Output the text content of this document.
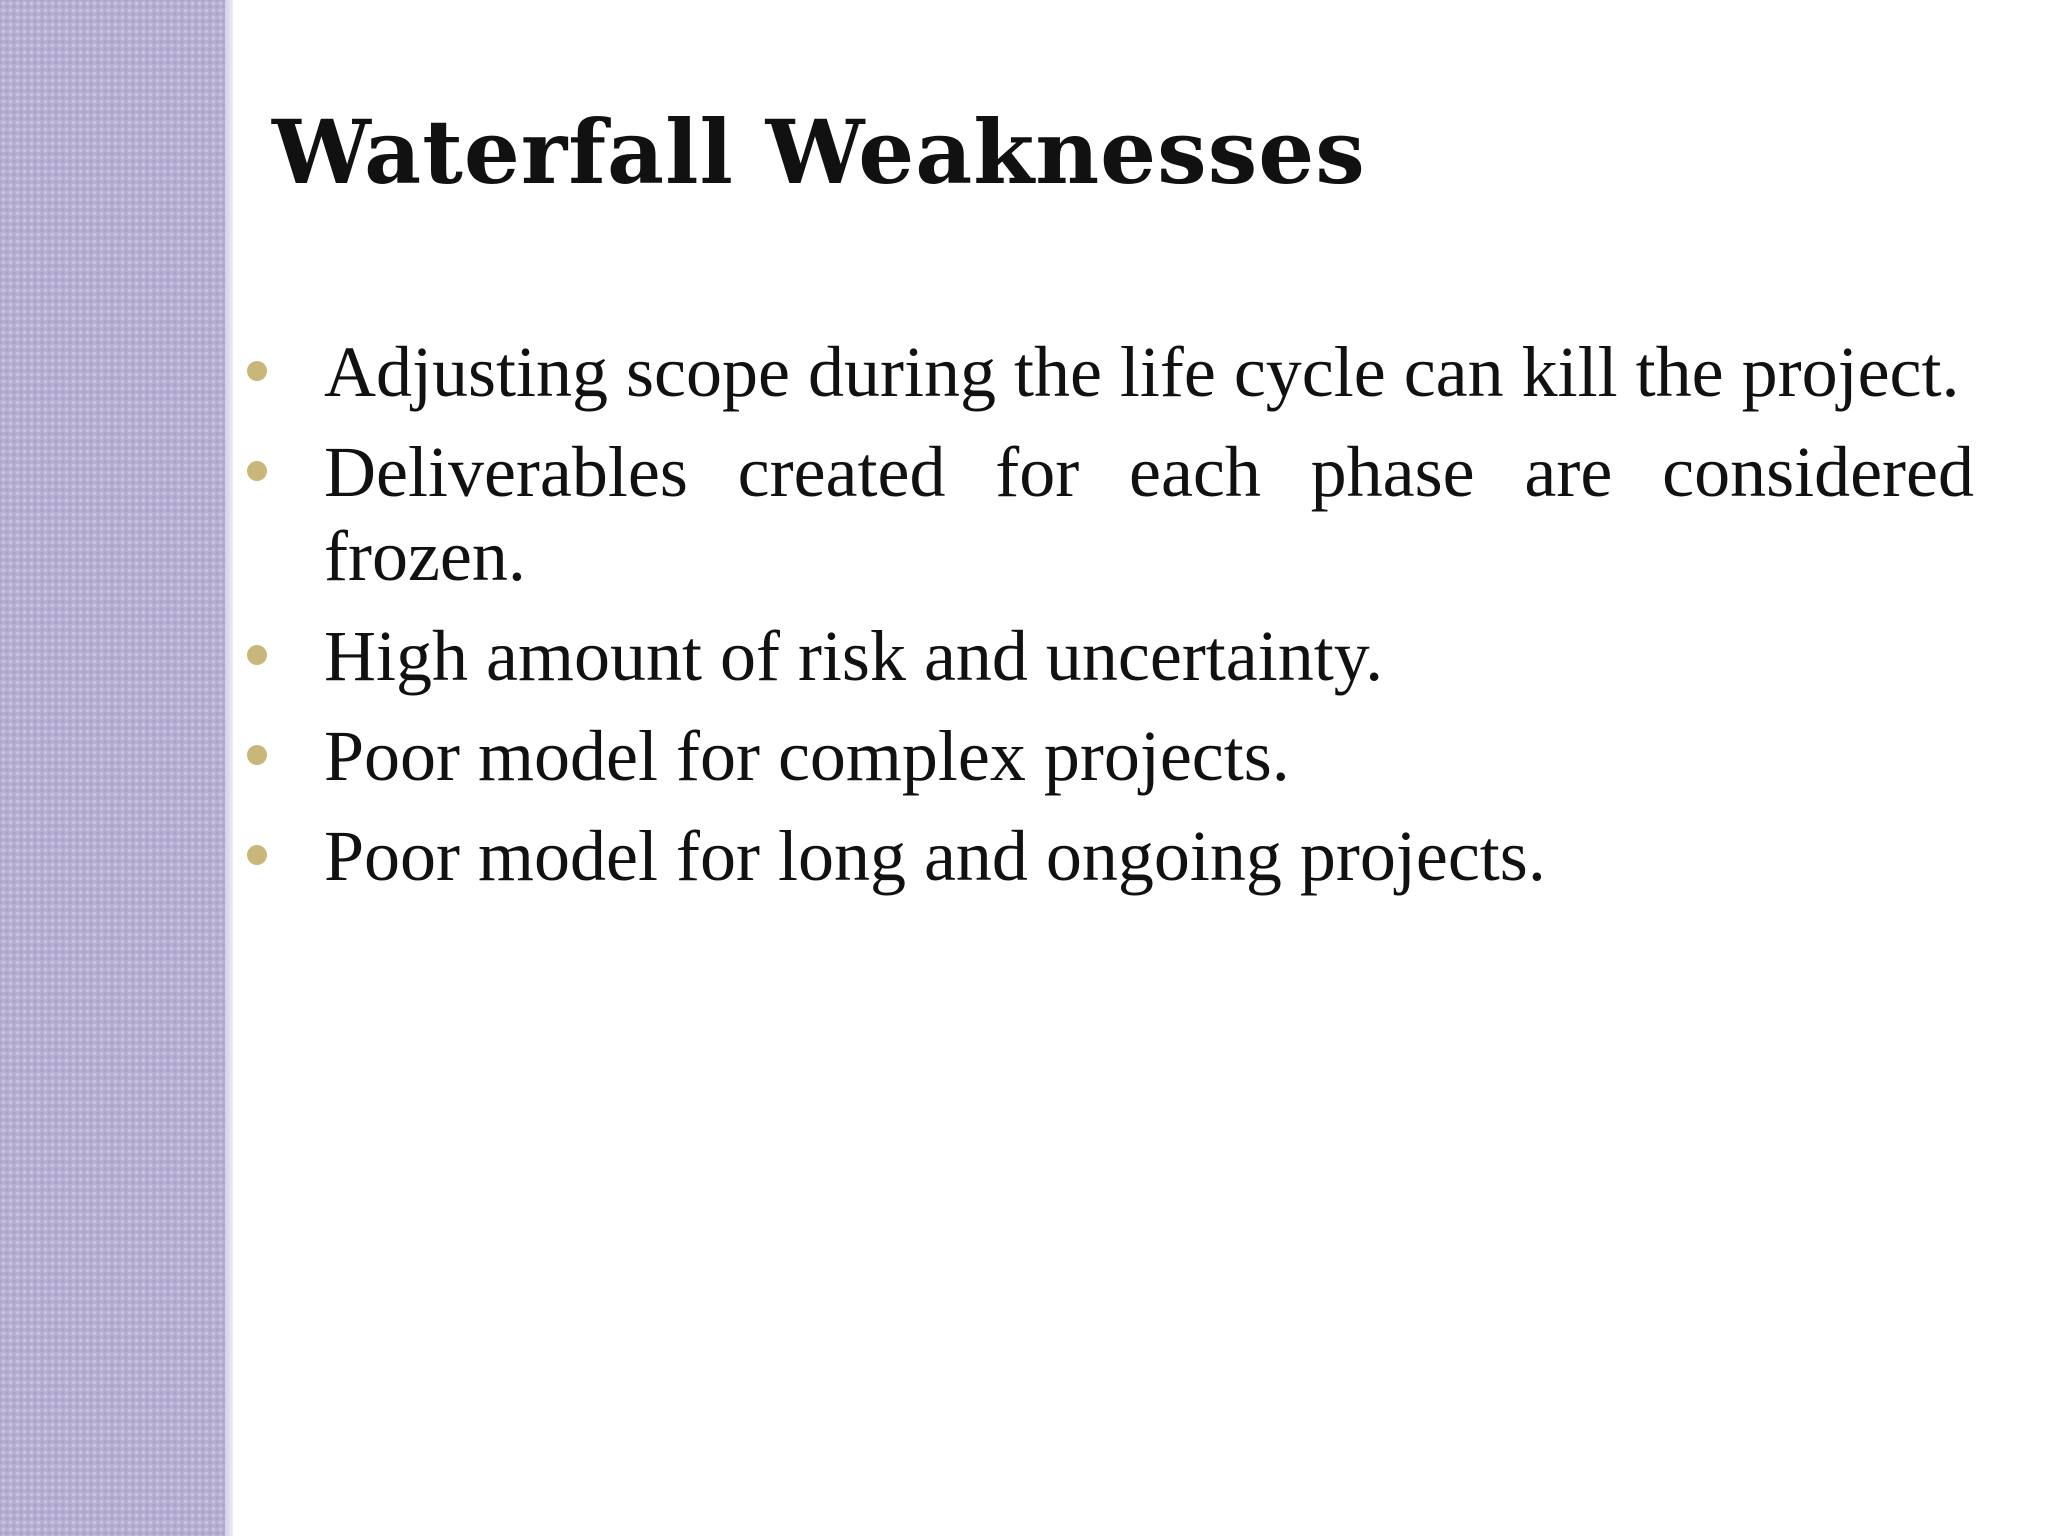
Waterfall Weaknesses
Adjusting scope during the life cycle can kill the project.
Deliverables created for each phase are considered frozen.
High amount of risk and uncertainty.
Poor model for complex projects.
Poor model for long and ongoing projects.
